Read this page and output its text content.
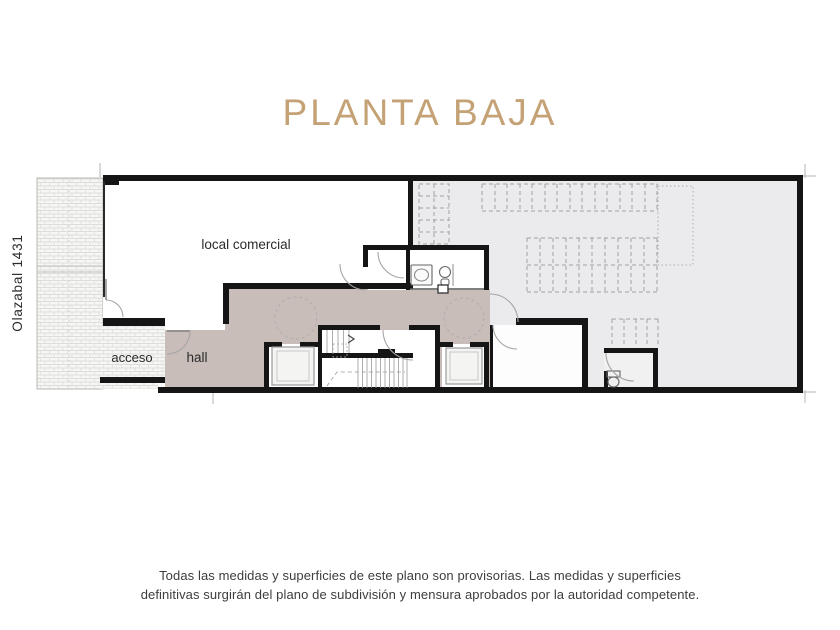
PLANTA BAJA
local comercial
acceso	hall
Olazabal 1431
Todas las medidas y superficies de este plano son provisorias. Las medidas y superficies
definitivas surgirán del plano de subdivisión y mensura aprobados por la autoridad competente.
